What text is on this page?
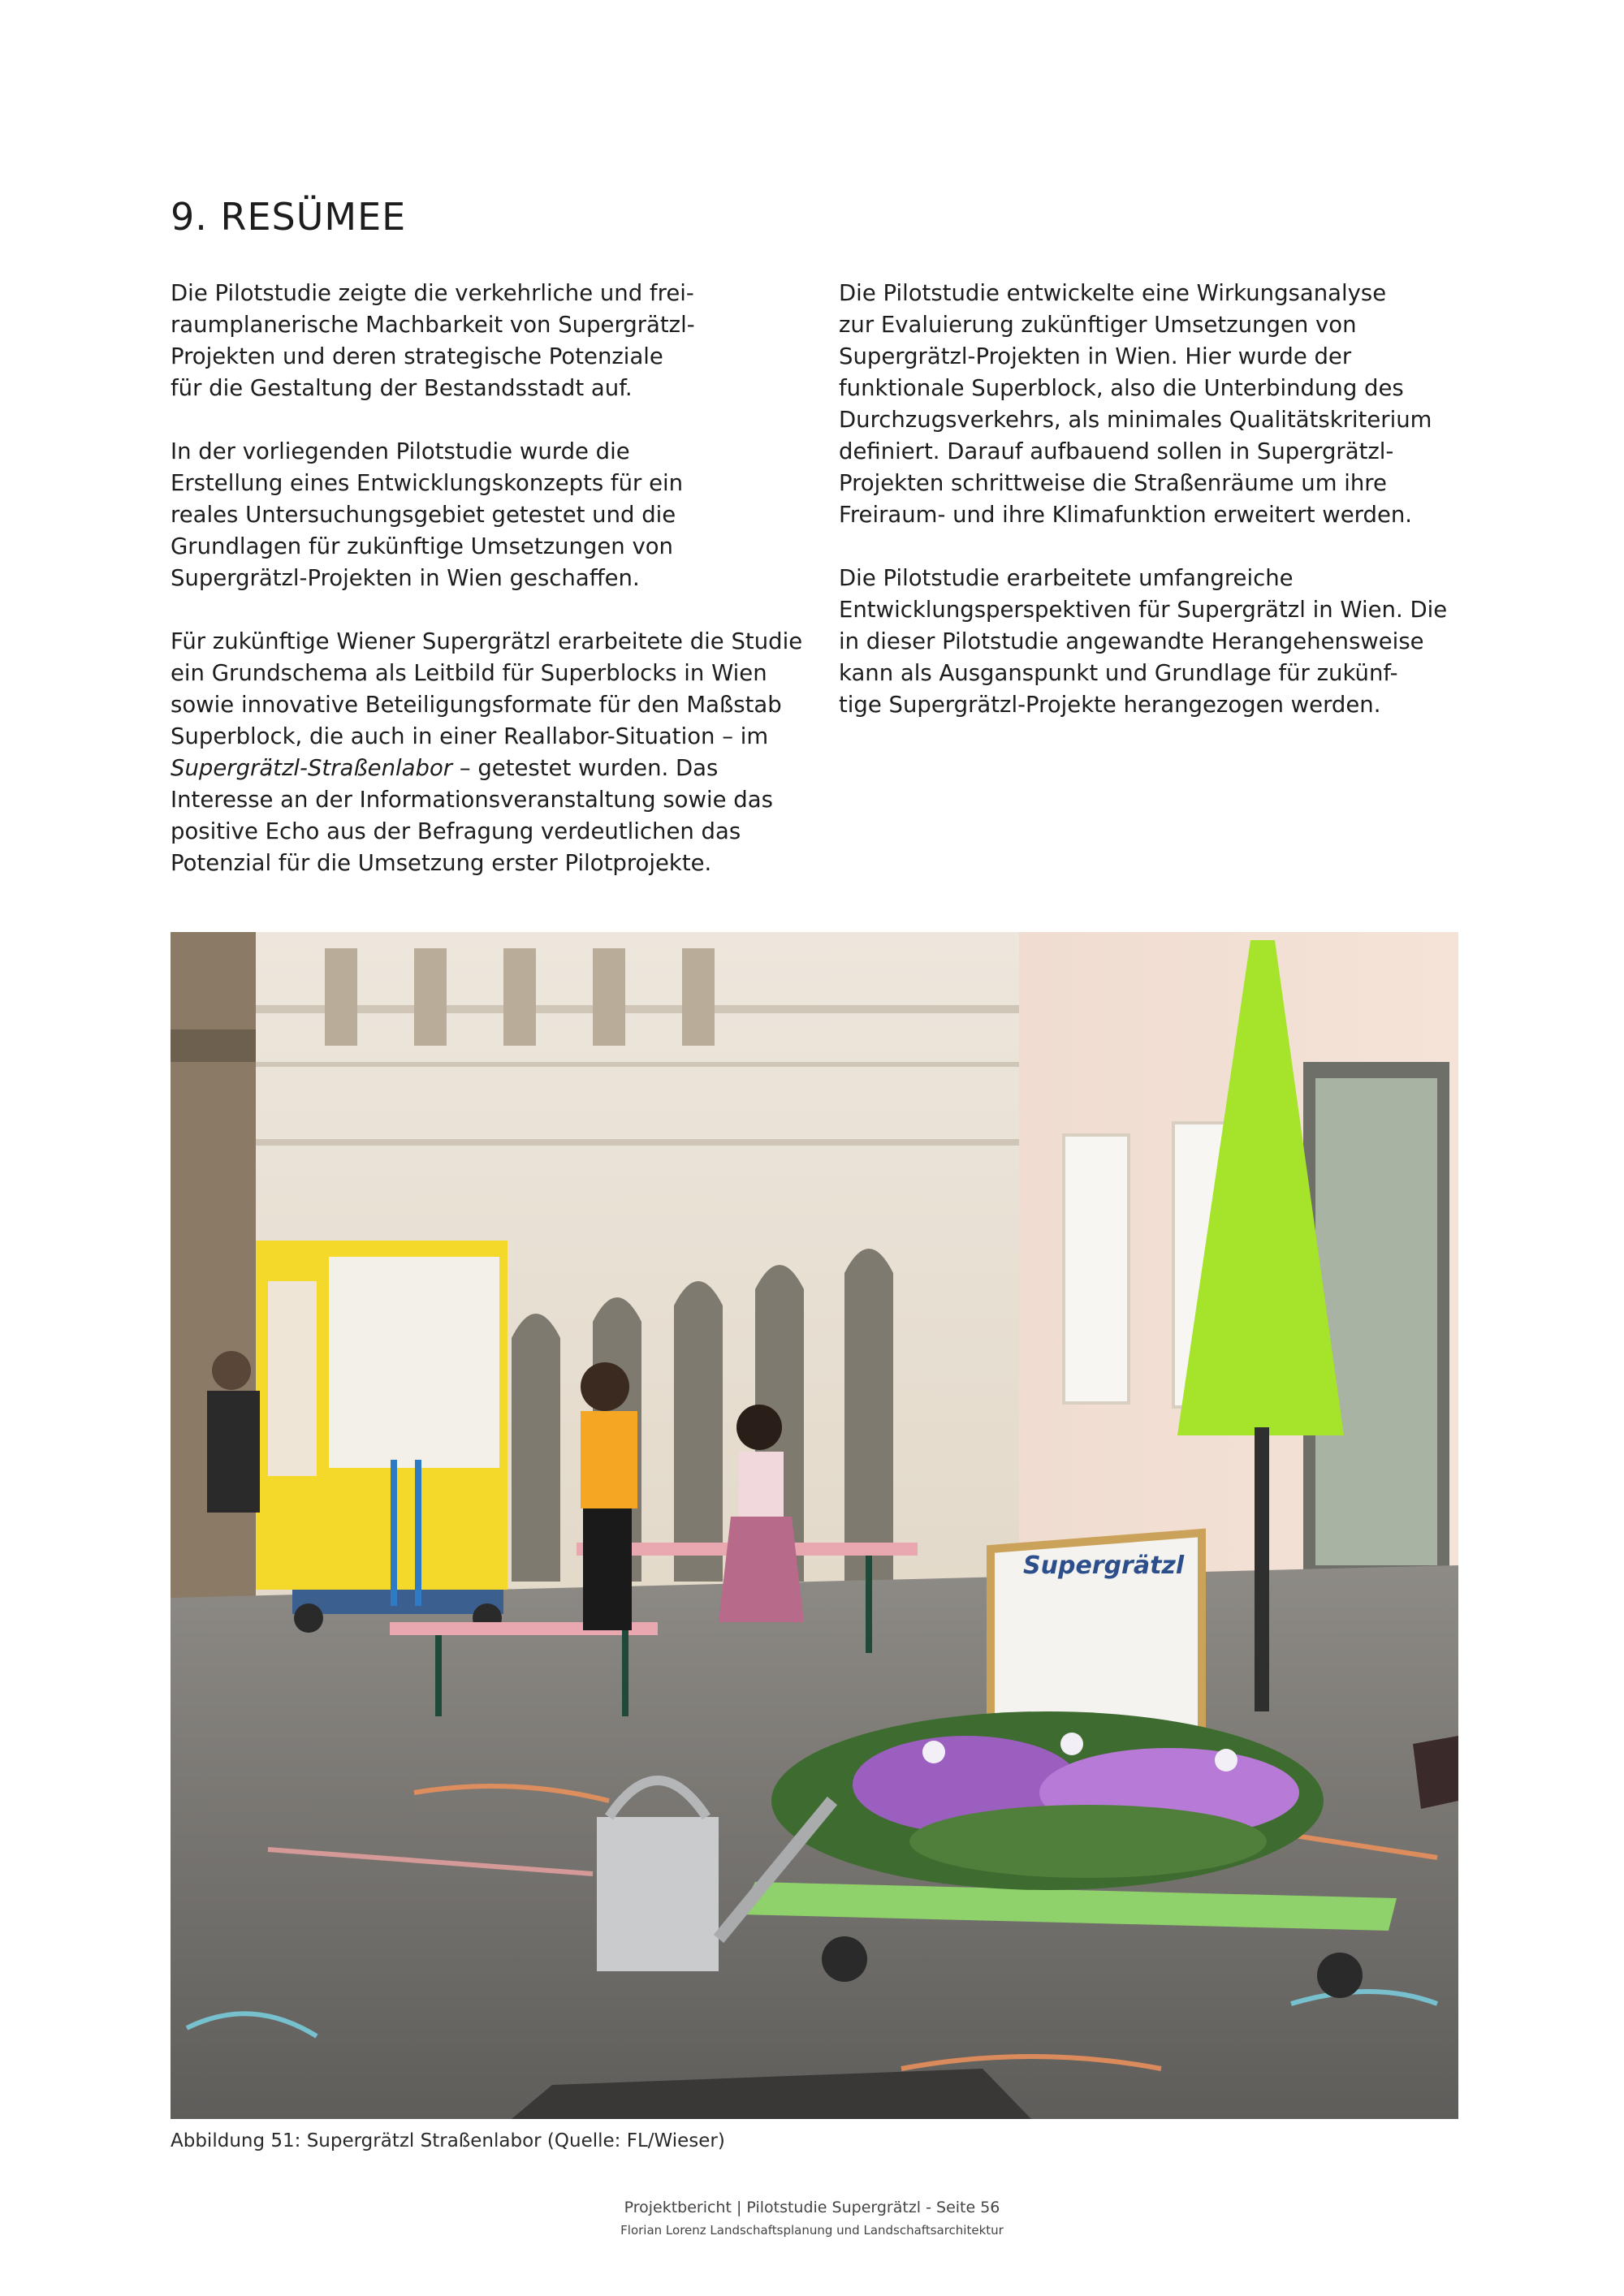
9. RESÜMEE

Die Pilotstudie zeigte die verkehrliche und frei-
raumplanerische Machbarkeit von Supergrätzl-
Projekten und deren strategische Potenziale
für die Gestaltung der Bestandsstadt auf.

In der vorliegenden Pilotstudie wurde die
Erstellung eines Entwicklungskonzepts für ein
reales Untersuchungsgebiet getestet und die
Grundlagen für zukünftige Umsetzungen von
Supergrätzl-Projekten in Wien geschaffen.

Für zukünftige Wiener Supergrätzl erarbeitete die Studie
ein Grundschema als Leitbild für Superblocks in Wien
sowie innovative Beteiligungsformate für den Maßstab
Superblock, die auch in einer Reallabor-Situation – im
Supergrätzl-Straßenlabor – getestet wurden. Das
Interesse an der Informationsveranstaltung sowie das
positive Echo aus der Befragung verdeutlichen das
Potenzial für die Umsetzung erster Pilotprojekte.

Die Pilotstudie entwickelte eine Wirkungsanalyse
zur Evaluierung zukünftiger Umsetzungen von
Supergrätzl-Projekten in Wien. Hier wurde der
funktionale Superblock, also die Unterbindung des
Durchzugsverkehrs, als minimales Qualitätskriterium
definiert. Darauf aufbauend sollen in Supergrätzl-
Projekten schrittweise die Straßenräume um ihre
Freiraum- und ihre Klimafunktion erweitert werden.

Die Pilotstudie erarbeitete umfangreiche
Entwicklungsperspektiven für Supergrätzl in Wien. Die
in dieser Pilotstudie angewandte Herangehensweise
kann als Ausganspunkt und Grundlage für zukünf-
tige Supergrätzl-Projekte herangezogen werden.

Supergrätzl
Abbildung 51: Supergrätzl Straßenlabor (Quelle: FL/Wieser)
Projektbericht | Pilotstudie Supergrätzl - Seite 56
Florian Lorenz Landschaftsplanung und Landschaftsarchitektur
